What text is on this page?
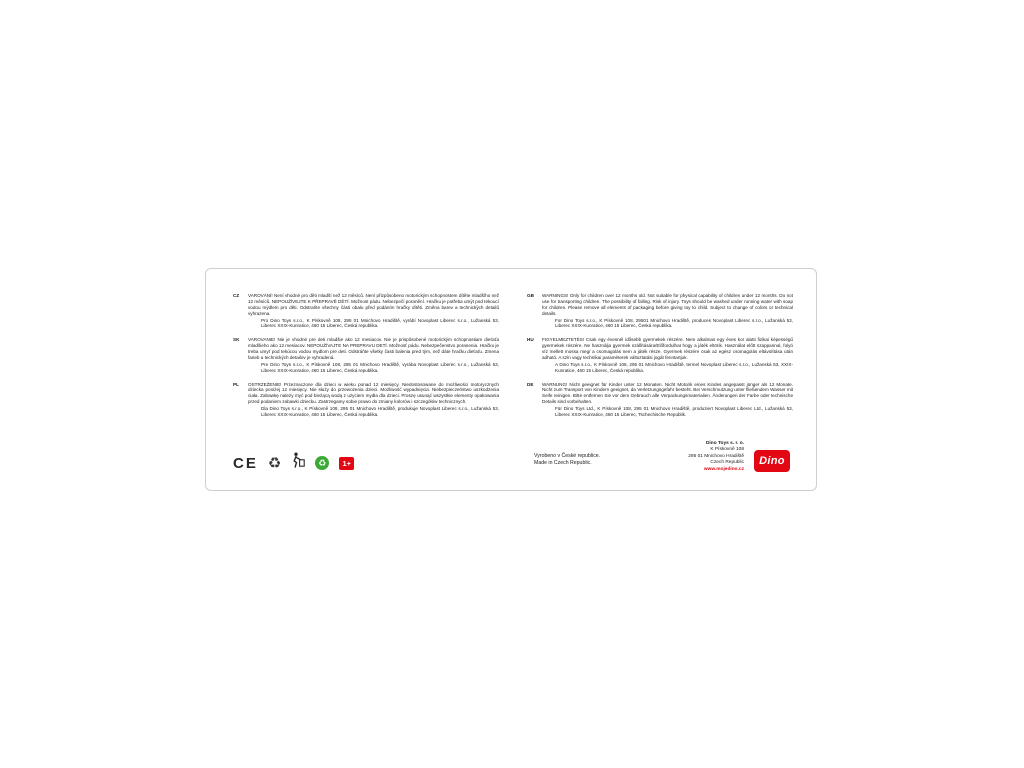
CZ	VAROVÁNÍ! Není vhodné pro děti mladší než 12 měsíců. Není přizpůsobeno motorickým schopnostem dítěte mladšího než 12 měsíců. NEPOUŽÍVEJTE K PŘEPRAVĚ DĚTÍ. Možnost pádu. Nebezpečí poranění. Hračku je potřeba umýt pod tekoucí vodou mýdlem pro děti. Odstraňte všechny části obalu před podáním hračky dítěti. Změna barev a technických detailů vyhrazena.
Pro Dino Toys s.r.o., K Pískovně 108, 295 01 Mnichovo Hradiště, vyrábí Novoplast Liberec s.r.o., Lužanská 53, Liberec XXIX-Kunratice, 460 15 Liberec, Česká republika.
SK	VAROVANIE! Nie je vhodné pre deti mladšie ako 12 mesiacov. Nie je prispôsobené motorickým schopnostiam dieťaťa mladšieho ako 12 mesiacov. NEPOUŽÍVAJTE NA PREPRAVU DETÍ. Možnosť pádu. Nebezpečenstvo poranenia. Hračku je treba umyť pod tekúcou vodou mydlom pre deti. Odstráňte všetky časti balenia pred tým, než dáte hračku dieťaťu. Zmena farieb a technických detailov je vyhradená.
Pre Dino Toys s.r.o., K Pískovně 108, 295 01 Mnichovo Hradiště, vyrába Novoplast Liberec s.r.o., Lužanská 53, Liberec XXIX-Kunratice, 460 15 Liberec, Česká republika.
PL	OSTRZEŻENIE! Przeznaczone dla dzieci w wieku ponad 12 miesięcy. Niedostosowane do możliwości motorycznych dziecka poniżej 12 miesięcy. Nie służy do przewożenia dzieci. Możliwość wypadnięcia. Niebezpieczeństwo uszkodzenia ciała. Zabawkę należy myć pod bieżącą wodą z użyciem mydła dla dzieci. Proszę usunąć wszystkie elementy opakowania przed podaniem zabawki dziecku. Zastrzegamy sobie prawo do zmiany kolorów i szczegółów technicznych.
Dla Dino Toys s.r.o., K Pískovně 108, 295 01 Mnichovo Hradiště, produkuje Novoplast Liberec s.r.o., Lužanská 53, Liberec XXIX-Kunratice, 460 15 Liberec, Česká republika.
GB	WARNINGS! Only for children over 12 months old. Not suitable for physical capability of children under 12 months. Do not use for transporting children. The possibility of falling. Risk of injury. Toys should be washed under running water with soap for children. Please remove all elements of packaging before giving toy to child. Subject to change of colors or technical details.
For Dino Toys s.r.o., K Pískovně 108, 29501 Mnichovo Hradiště, produces Novoplast Liberec s.r.o., Lužanská 53, Liberec XXIX-Kunratice, 460 15 Liberec, Česká republika.
HU	FIGYELMEZTETÉS! Csak egy évesnél idősebb gyermekek részére. Nem alkalmas egy éves kor alatti fizikai képességű gyermekek részére. Ne használja gyermek szállítására/Előfordulhat hogy a játék eltörik. Használat előtt szappannal, folyó víz mellett mossa meg/ a csomagolás nem a játék része. Gyermek részére csak az egész csomagolás eltávolítása után adható. A szín vagy technikai paraméterek változtatási jogát fenntartjuk.
A Dino Toys s.r.o., K Pískovně 108, 295 01 Mnichovo Hradiště, termel Novoplast Liberec s.r.o., Lužanská 53, XXIX-Kunratice, 460 15 Liberec, Česká republika.
DE	WARNUNG! Nicht geeignet für Kinder unter 12 Monaten. Nicht Motorik eines Kindes angepasst jünger als 12 Monate. Nicht zum Transport von Kindern geeignet, da Verletzungsgefahr besteht. Bei Verschmutzung unter fließendem Wasser mit Seife reinigen. Bitte entfernen Sie vor dem Gebrauch alle Verpackungsmaterialien. Änderungen der Farbe oder technische Details sind vorbehalten.
Für Dino Toys Ltd., K Pískovně 108, 295 01 Mnichovo Hradiště, produziert Novoplast Liberec Ltd., Lužanská 53, Liberec XXIX-Kunratice, 460 15 Liberec, Tschechische Republik.
CE ♻	♻	1+
Vyrobeno v České republice.
Made in Czech Republic.
Dino Toys s. r. o.
K Pískovně 108
295 01 Mnichovo Hradiště
Czech Republic
www.mojedino.cz
Dino
